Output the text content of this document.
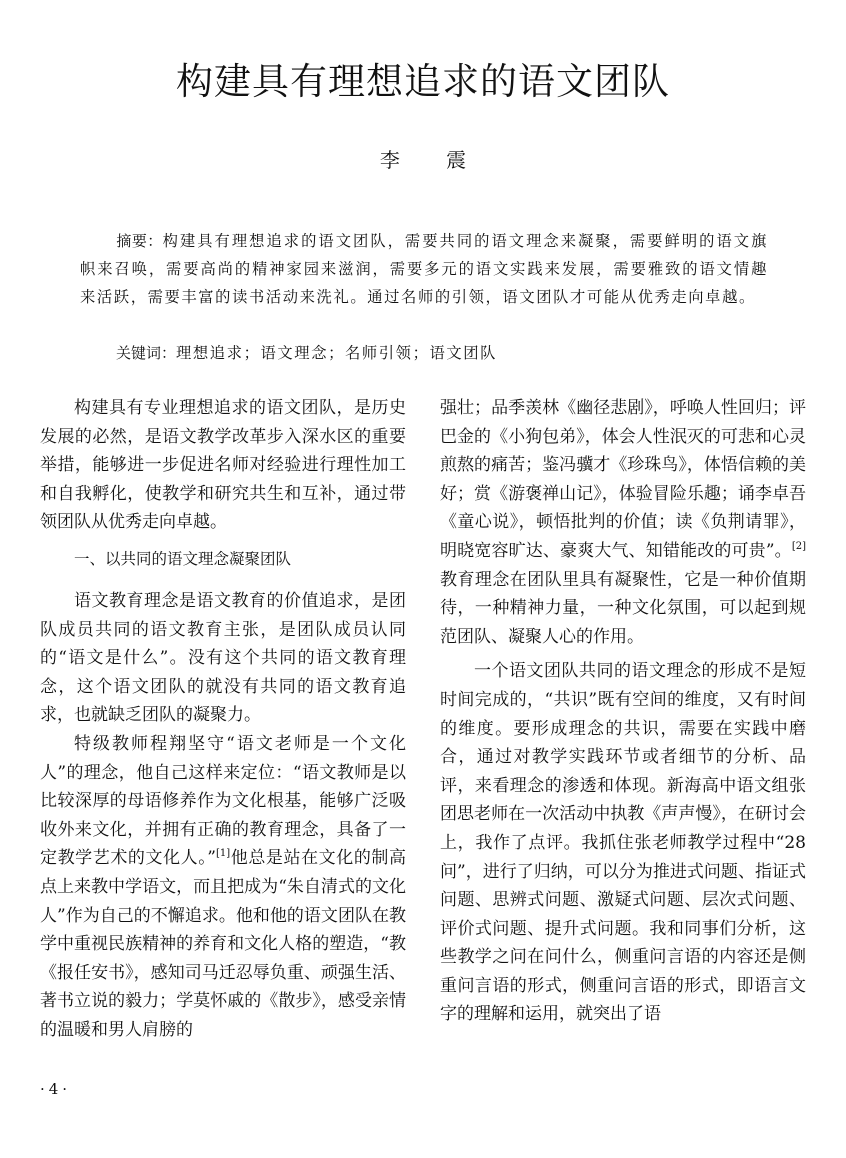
构建具有理想追求的语文团队
李 震

摘要：构建具有理想追求的语文团队，需要共同的语文理念来凝聚，需要鲜明的语文旗帜来召唤，需要高尚的精神家园来滋润，需要多元的语文实践来发展，需要雅致的语文情趣来活跃，需要丰富的读书活动来洗礼。通过名师的引领，语文团队才可能从优秀走向卓越。

关键词：理想追求；语文理念；名师引领；语文团队

构建具有专业理想追求的语文团队，是历史发展的必然，是语文教学改革步入深水区的重要举措，能够进一步促进名师对经验进行理性加工和自我孵化，使教学和研究共生和互补，通过带领团队从优秀走向卓越。

一、以共同的语文理念凝聚团队

语文教育理念是语文教育的价值追求，是团队成员共同的语文教育主张，是团队成员认同的“语文是什么”。没有这个共同的语文教育理念，这个语文团队的就没有共同的语文教育追求，也就缺乏团队的凝聚力。

特级教师程翔坚守“语文老师是一个文化人”的理念，他自己这样来定位：“语文教师是以比较深厚的母语修养作为文化根基，能够广泛吸收外来文化，并拥有正确的教育理念，具备了一定教学艺术的文化人。”[1]他总是站在文化的制高点上来教中学语文，而且把成为“朱自清式的文化人”作为自己的不懈追求。他和他的语文团队在教学中重视民族精神的养育和文化人格的塑造，“教《报任安书》，感知司马迁忍辱负重、顽强生活、著书立说的毅力；学莫怀戚的《散步》，感受亲情的温暖和男人肩膀的

强壮；品季羡林《幽径悲剧》，呼唤人性回归；评巴金的《小狗包弟》，体会人性泯灭的可悲和心灵煎熬的痛苦；鉴冯骥才《珍珠鸟》，体悟信赖的美好；赏《游褒禅山记》，体验冒险乐趣；诵李卓吾《童心说》，顿悟批判的价值；读《负荆请罪》，明晓宽容旷达、豪爽大气、知错能改的可贵”。[2]教育理念在团队里具有凝聚性，它是一种价值期待，一种精神力量，一种文化氛围，可以起到规范团队、凝聚人心的作用。

一个语文团队共同的语文理念的形成不是短时间完成的，“共识”既有空间的维度，又有时间的维度。要形成理念的共识，需要在实践中磨合，通过对教学实践环节或者细节的分析、品评，来看理念的渗透和体现。新海高中语文组张团思老师在一次活动中执教《声声慢》，在研讨会上，我作了点评。我抓住张老师教学过程中“28问”，进行了归纳，可以分为推进式问题、指证式问题、思辨式问题、激疑式问题、层次式问题、评价式问题、提升式问题。我和同事们分析，这些教学之问在问什么，侧重问言语的内容还是侧重问言语的形式，侧重问言语的形式，即语言文字的理解和运用，就突出了语

·4·
